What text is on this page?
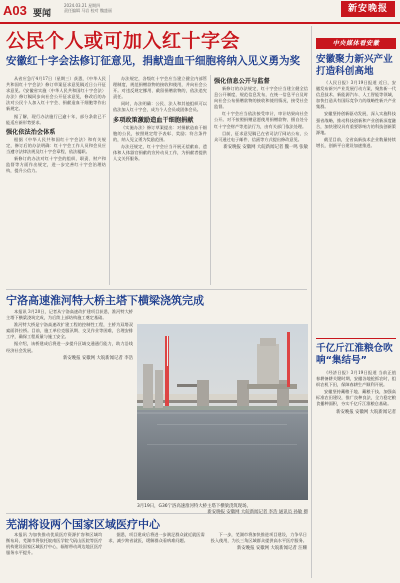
A03 要闻
2024.03.21 星期四
责任编辑 马岩 校对 魏盛丽	新安晚报
公民个人或可加入红十字会
安徽红十字会法修订征意见，捐献造血干细胞将纳入见义勇为奖

从省应急厅4月17日（星期三）获悉，《中华人民共和国红十字会法》修订草案征求意见稿近日公开征求意见。《安徽省实施〈中华人民共和国红十字会法〉办法》修订稿同步向社会公开征求意见，修改后的办法对公民个人加入红十字会、捐献造血干细胞等作出新规定。

据了解，现行办法施行已逾十年，部分条款已不能适应新形势要求。

强化依法治会体系

根据《中华人民共和国红十字会法》和有关规定，修订后的办法明确：红十字会工作人员和会员应当遵守法律法规及红十字会章程，依法履职。

新修订的办法对红十字会的组织、职责、财产和监督等方面作出规定，进一步完善红十字会治理结构，提升公信力。

办法规定，各级红十字会应当建立健全内部管理制度，规范捐赠款物的接收和使用，并向社会公开。对违反规定挪用、截留捐赠款物的，依法追究责任。

同时，办法明确：公民、法人和其他组织可以依法加入红十字会，成为个人会员或团体会员。

多项政策激励造血干细胞捐献

《实施办法》修订草案提出：对捐献造血干细胞的公民，按照规定给予表彰、奖励；符合条件的，纳入见义勇为奖励范围。

办法还规定，红十字会应当开展无偿献血、遗体和人体器官捐献的宣传动员工作，为捐献者提供人文关怀服务。

强化信息公开与监督

新修订的办法规定，红十字会应当建立健全信息公开制度，规范信息发布，在统一信息平台及时向社会公布捐赠款物的接收和使用情况，接受社会监督。

红十字会应当依法接受审计，审计结果向社会公开。对不按照捐赠意愿使用捐赠款物、擅自处分红十字会财产等违法行为，由有关部门依法处理。

目前，征求意见稿已在省司法厅网站公布，公众可通过电子邮件、信函等方式提出修改意见。

新安晚报 安徽网 大皖新闻记者 魏一鸣 张敏

宁洛高速淮河特大桥主塔下横梁浇筑完成

本报讯 3月20日，记者从宁洛高速改扩建项目获悉，淮河特大桥主塔下横梁浇筑完成，为后续上部结构施工奠定基础。

淮河特大桥是宁洛高速改扩建工程的控制性工程，主桥为双塔双索面斜拉桥。目前，施工单位克服汛期、交叉作业等困难，合理安排工序，确保工程质量与施工安全。

据介绍，该桥建成后将进一步提升区域交通通行能力，助力沿线经济社会发展。

新安晚报 安徽网 大皖新闻记者 李浩

3月19日，G36宁洛高速淮河特大桥主塔下横梁浇筑现场。
新安晚报 安徽网 大皖新闻记者 李浩 通讯员 孙敏 摄
芜湖将设两个国家区域医疗中心

本报讯 为加快推动优质医疗资源扩容和区域均衡布局，芜湖市将依托皖南医学院弋矶山医院等医疗机构建设国家区域医疗中心，辐射带动周边地区医疗服务水平提升。

据悉，项目建成后将进一步满足群众就近就医需求，减少跨省就医，缓解群众看病难问题。

下一步，芜湖市将加快推进项目建设，力争早日投入使用，为长三角区域群众提供高水平医疗服务。

新安晚报 安徽网 大皖新闻记者 汪姗

中央媒体看安徽
安徽聚力新兴产业打造科创高地

《人民日报》3月19日报道 近日，安徽发布新兴产业发展行动方案，聚焦新一代信息技术、新能源汽车、人工智能等领域，加快打造具有国际竞争力的战略性新兴产业集群。

安徽坚持创新驱动发展，深入实施科技强省战略，推动科技创新和产业创新深度融合，加快建设具有重要影响力的科技创新策源地。

截至目前，全省高新技术企业数量持续增长，创新平台建设加速推进。

千亿斤江淮粮仓吹响“集结号”

《经济日报》3月19日报道 当前正值春耕备耕关键时期，安徽各地抢抓农时，组织农机下田，保障春耕生产顺利开展。

安徽坚持藏粮于地、藏粮于技，加强高标准农田建设，推广良种良法，全力稳定粮食播种面积，夯实千亿斤江淮粮仓基础。

新安晚报 安徽网 大皖新闻记者
